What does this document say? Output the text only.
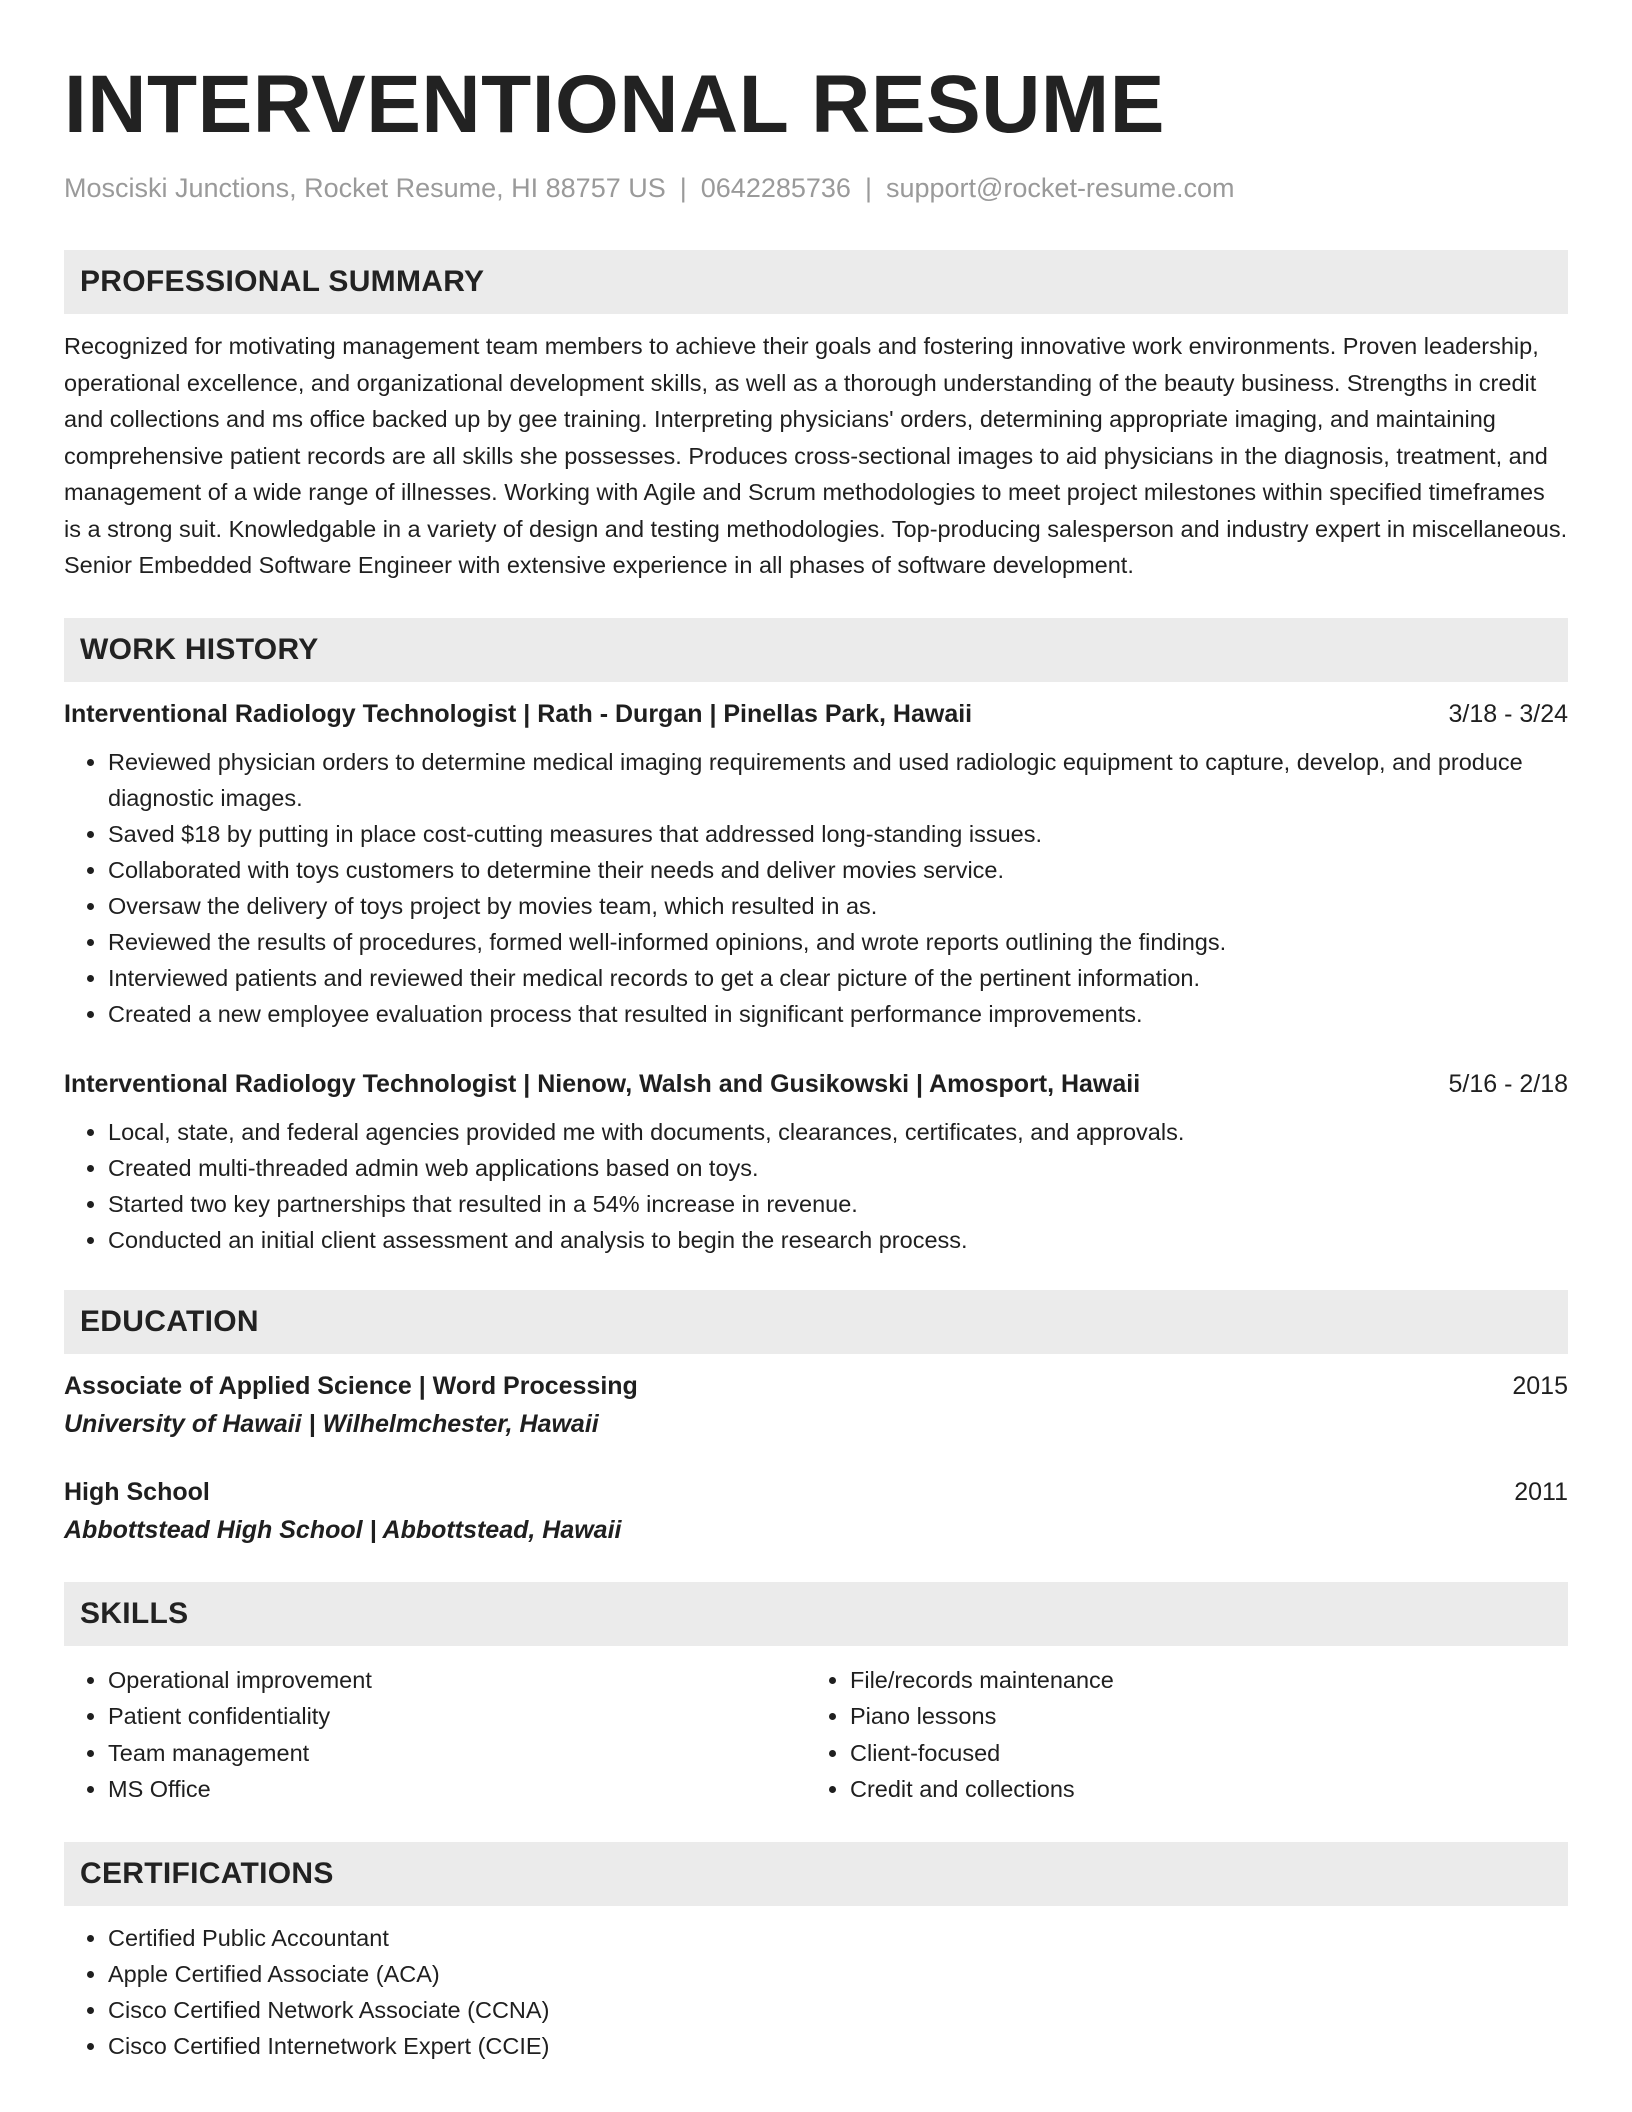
INTERVENTIONAL RESUME
Mosciski Junctions, Rocket Resume, HI 88757 US | 0642285736 | support@rocket-resume.com
PROFESSIONAL SUMMARY

Recognized for motivating management team members to achieve their goals and fostering innovative work environments. Proven leadership, operational excellence, and organizational development skills, as well as a thorough understanding of the beauty business. Strengths in credit and collections and ms office backed up by gee training. Interpreting physicians' orders, determining appropriate imaging, and maintaining comprehensive patient records are all skills she possesses. Produces cross-sectional images to aid physicians in the diagnosis, treatment, and management of a wide range of illnesses. Working with Agile and Scrum methodologies to meet project milestones within specified timeframes is a strong suit. Knowledgable in a variety of design and testing methodologies. Top-producing salesperson and industry expert in miscellaneous. Senior Embedded Software Engineer with extensive experience in all phases of software development.

WORK HISTORY
Interventional Radiology Technologist | Rath - Durgan | Pinellas Park, Hawaii	3/18 - 3/24
• Reviewed physician orders to determine medical imaging requirements and used radiologic equipment to capture, develop, and produce diagnostic images.
• Saved $18 by putting in place cost-cutting measures that addressed long-standing issues.
• Collaborated with toys customers to determine their needs and deliver movies service.
• Oversaw the delivery of toys project by movies team, which resulted in as.
• Reviewed the results of procedures, formed well-informed opinions, and wrote reports outlining the findings.
• Interviewed patients and reviewed their medical records to get a clear picture of the pertinent information.
• Created a new employee evaluation process that resulted in significant performance improvements.
Interventional Radiology Technologist | Nienow, Walsh and Gusikowski | Amosport, Hawaii	5/16 - 2/18
• Local, state, and federal agencies provided me with documents, clearances, certificates, and approvals.
• Created multi-threaded admin web applications based on toys.
• Started two key partnerships that resulted in a 54% increase in revenue.
• Conducted an initial client assessment and analysis to begin the research process.
EDUCATION
Associate of Applied Science | Word Processing	2015
University of Hawaii | Wilhelmchester, Hawaii
High School	2011
Abbottstead High School | Abbottstead, Hawaii
SKILLS
• Operational improvement
• Patient confidentiality
• Team management
• MS Office
• File/records maintenance
• Piano lessons
• Client-focused
• Credit and collections
CERTIFICATIONS
• Certified Public Accountant
• Apple Certified Associate (ACA)
• Cisco Certified Network Associate (CCNA)
• Cisco Certified Internetwork Expert (CCIE)
